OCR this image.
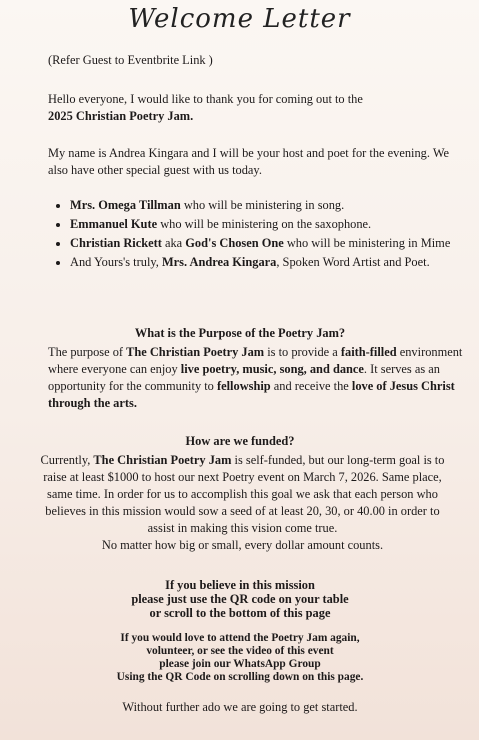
Welcome Letter

(Refer Guest to Eventbrite Link )

Hello everyone, I would like to thank you for coming out to the
2025 Christian Poetry Jam.

My name is Andrea Kingara and I will be your host and poet for the evening. We also have other special guest with us today.

• Mrs. Omega Tillman who will be ministering in song.
• Emmanuel Kute who will be ministering on the saxophone.
• Christian Rickett aka God's Chosen One who will be ministering in Mime
• And Yours's truly, Mrs. Andrea Kingara, Spoken Word Artist and Poet.

What is the Purpose of the Poetry Jam?

The purpose of The Christian Poetry Jam is to provide a faith-filled environment where everyone can enjoy live poetry, music, song, and dance. It serves as an opportunity for the community to fellowship and receive the love of Jesus Christ through the arts.

How are we funded?

Currently, The Christian Poetry Jam is self-funded, but our long-term goal is to raise at least $1000 to host our next Poetry event on March 7, 2026. Same place, same time. In order for us to accomplish this goal we ask that each person who believes in this mission would sow a seed of at least 20, 30, or 40.00 in order to assist in making this vision come true.
No matter how big or small, every dollar amount counts.

If you believe in this mission
please just use the QR code on your table
or scroll to the bottom of this page

If you would love to attend the Poetry Jam again,
volunteer, or see the video of this event
please join our WhatsApp Group
Using the QR Code on scrolling down on this page.

Without further ado we are going to get started.
